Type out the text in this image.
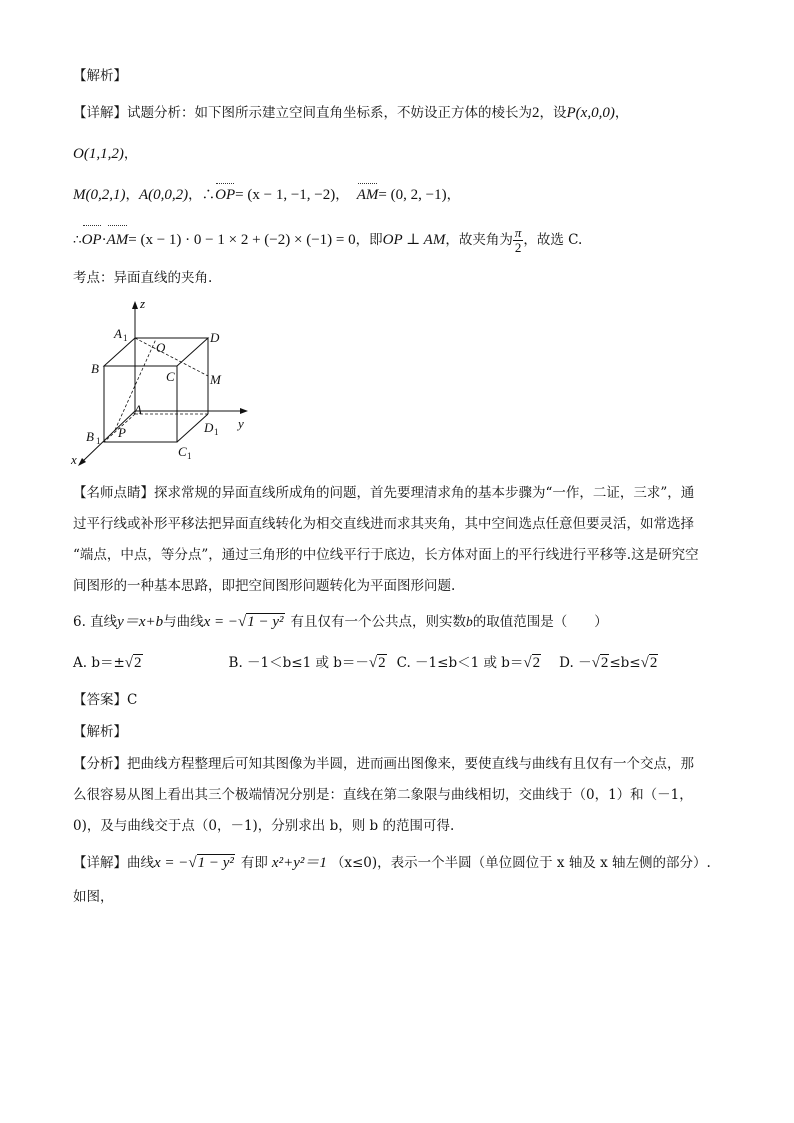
【解析】
【详解】试题分析：如下图所示建立空间直角坐标系，不妨设正方体的棱长为2，设P(x,0,0)，
O(1,1,2)，
M(0,2,1)，A(0,0,2)，∴OP= (x − 1, −1, −2)， AM= (0, 2, −1)，
∴OP·AM= (x − 1) · 0 − 1 × 2 + (−2) × (−1) = 0，即OP ⊥ AM，故夹角为 $\frac{\pi}{2}$ ，故选 C.
考点：异面直线的夹角.
z
A 1
O
D
B
C	M
A
y
B 1
P	D 1
C 1
x
【名师点睛】探求常规的异面直线所成角的问题，首先要理清求角的基本步骤为“一作，二证，三求”，通
过平行线或补形平移法把异面直线转化为相交直线进而求其夹角，其中空间选点任意但要灵活，如常选择
“端点，中点，等分点”，通过三角形的中位线平行于底边，长方体对面上的平行线进行平移等.这是研究空
间图形的一种基本思路，即把空间图形问题转化为平面图形问题.
6. 直线y＝x+b与曲线x = −√1 − y² 有且仅有一个公共点，则实数b的取值范围是（　　）
A. b＝±√2	B. －1＜b≤1 或 b＝－√2 C. －1≤b＜1 或 b＝√2 D. －√2≤b≤√2
【答案】C
【解析】
【分析】把曲线方程整理后可知其图像为半圆，进而画出图像来，要使直线与曲线有且仅有一个交点，那
么很容易从图上看出其三个极端情况分别是：直线在第二象限与曲线相切，交曲线于（0，1）和（－1，
0)，及与曲线交于点（0，－1)，分别求出 b，则 b 的范围可得.
【详解】曲线x = −√1 − y² 有即 x²+y²＝1 （x≤0)，表示一个半圆（单位圆位于 x 轴及 x 轴左侧的部分）.
如图，
